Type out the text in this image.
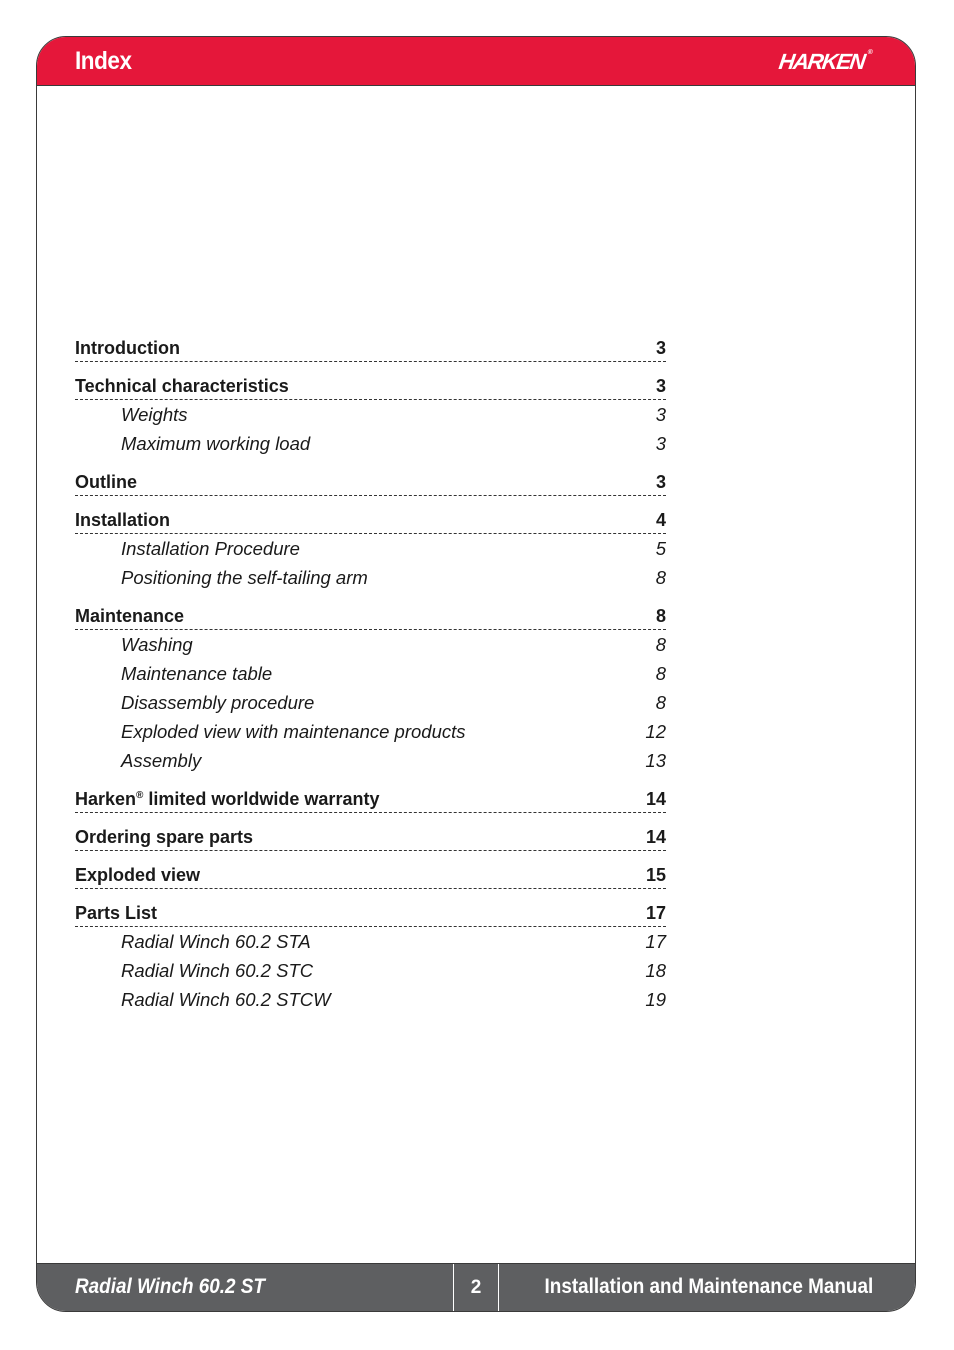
Index	HARKEN®
Radial Winch 60.2 ST	2	Installation and Maintenance Manual
Introduction	3
Technical characteristics	3
Weights	3
Maximum working load	3
Outline	3
Installation	4
Installation Procedure	5
Positioning the self-tailing arm	8
Maintenance	8
Washing	8
Maintenance table	8
Disassembly procedure	8
Exploded view with maintenance products	12
Assembly	13
Harken® limited worldwide warranty	14
Ordering spare parts	14
Exploded view	15
Parts List	17
Radial Winch 60.2 STA	17
Radial Winch 60.2 STC	18
Radial Winch 60.2 STCW	19
